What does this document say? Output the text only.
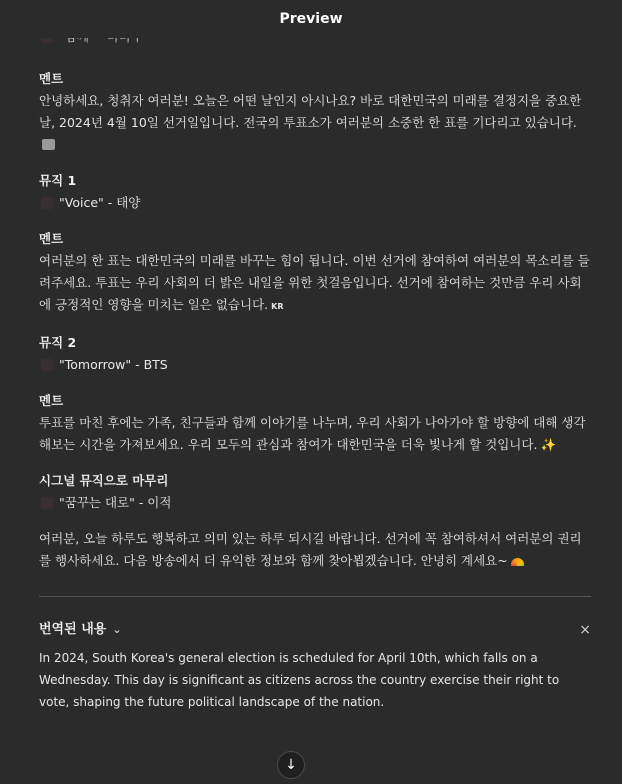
Preview
멘트
안녕하세요, 청취자 여러분! 오늘은 어떤 날인지 아시나요? 바로 대한민국의 미래를 결정지을 중요한 날, 2024년 4월 10일 선거일입니다. 전국의 투표소가 여러분의 소중한 한 표를 기다리고 있습니다.
뮤직 1
"Voice" - 태양
멘트
여러분의 한 표는 대한민국의 미래를 바꾸는 힘이 됩니다. 이번 선거에 참여하여 여러분의 목소리를 들려주세요. 투표는 우리 사회의 더 밝은 내일을 위한 첫걸음입니다. 선거에 참여하는 것만큼 우리 사회에 긍정적인 영향을 미치는 일은 없습니다. KR
뮤직 2
"Tomorrow" - BTS
멘트
투표를 마친 후에는 가족, 친구들과 함께 이야기를 나누며, 우리 사회가 나아가야 할 방향에 대해 생각해보는 시간을 가져보세요. 우리 모두의 관심과 참여가 대한민국을 더욱 빛나게 할 것입니다. ✨
시그널 뮤직으로 마무리
"꿈꾸는 대로" - 이적
여러분, 오늘 하루도 행복하고 의미 있는 하루 되시길 바랍니다. 선거에 꼭 참여하셔서 여러분의 권리를 행사하세요. 다음 방송에서 더 유익한 정보와 함께 찾아뵙겠습니다. 안녕히 계세요~
번역된 내용 ⌄	×
In 2024, South Korea's general election is scheduled for April 10th, which falls on a Wednesday. This day is significant as citizens across the country exercise their right to vote, shaping the future political landscape of the nation.
↓
